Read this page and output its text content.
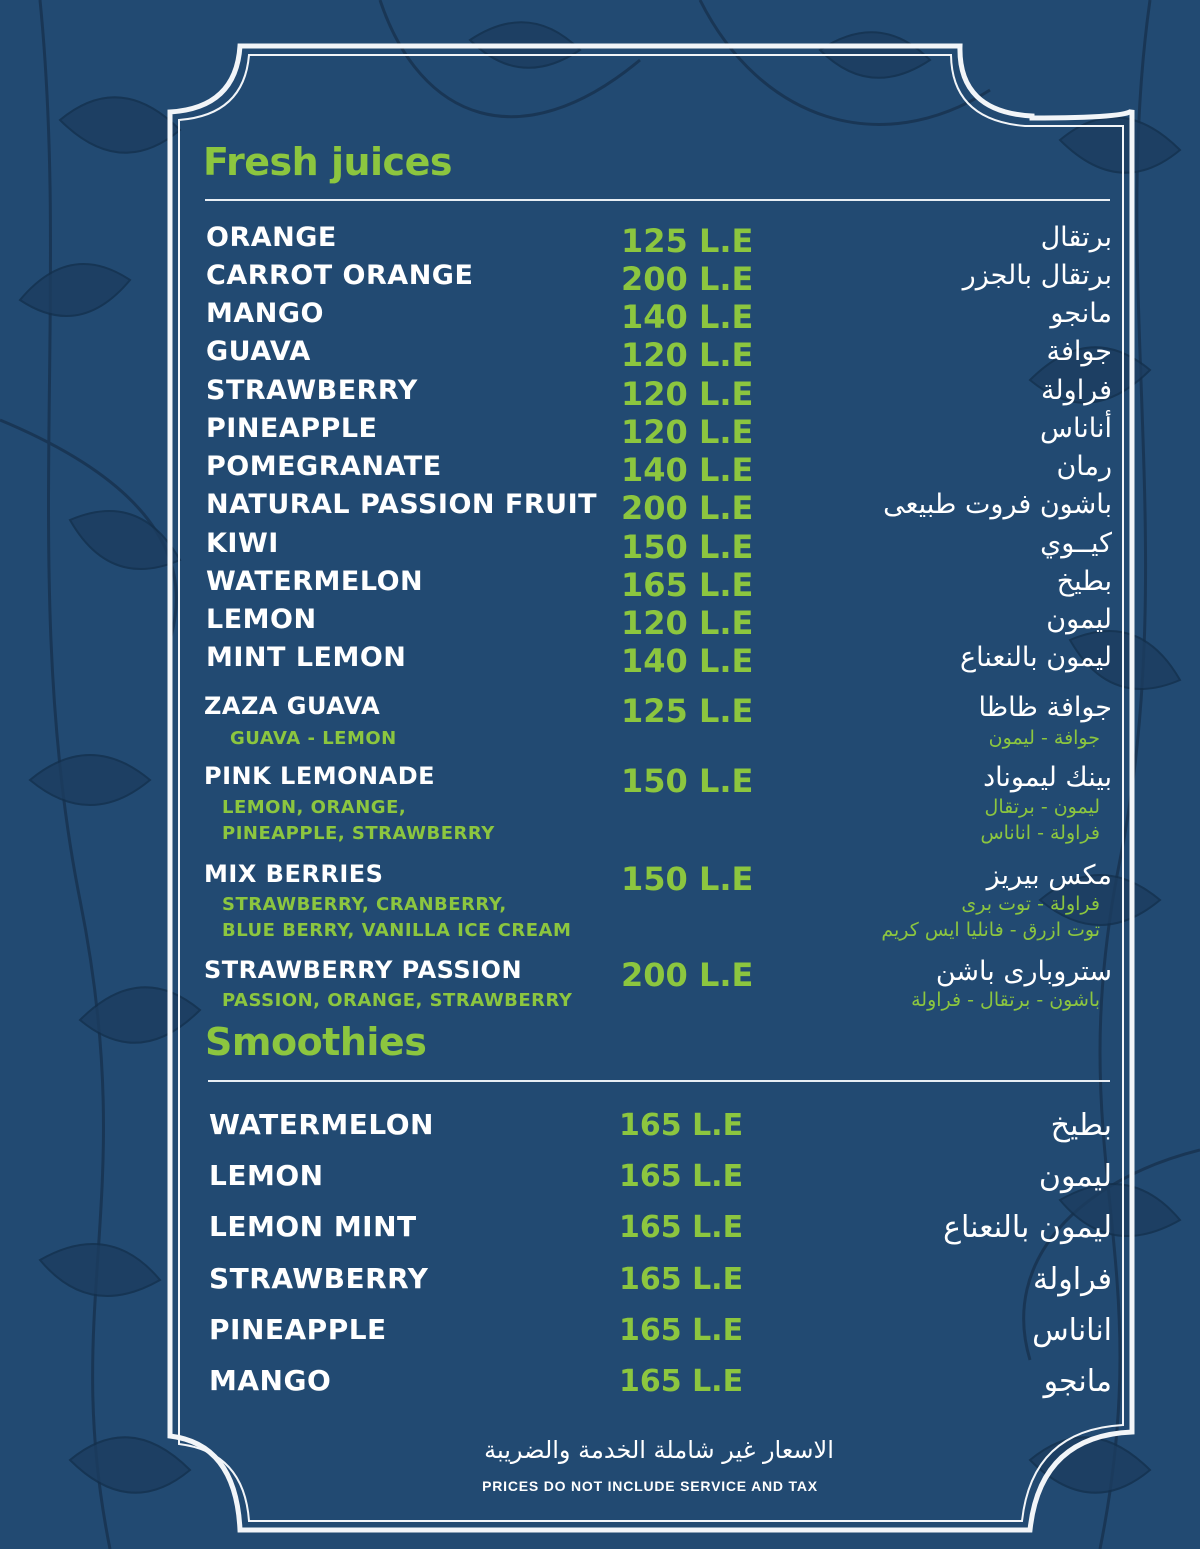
Fresh juices
ORANGE	125 L.E	برتقال
CARROT ORANGE	200 L.E	برتقال بالجزر
MANGO	140 L.E	مانجو
GUAVA	120 L.E	جوافة
STRAWBERRY	120 L.E	فراولة
PINEAPPLE	120 L.E	أناناس
POMEGRANATE	140 L.E	رمان
NATURAL PASSION FRUIT 200 L.E	باشون فروت طبيعى
KIWI	150 L.E	كيــوي
WATERMELON	165 L.E	بطيخ
LEMON	120 L.E	ليمون
MINT LEMON	140 L.E	ليمون بالنعناع
ZAZA GUAVA	125 L.E	جوافة ظاظا
GUAVA - LEMON	جوافة - ليمون
PINK LEMONADE	150 L.E	بينك ليموناد
LEMON, ORANGE,
PINEAPPLE, STRAWBERRY
ليمون - برتقال
فراولة - اناناس
MIX BERRIES	150 L.E	مكس بيريز
STRAWBERRY, CRANBERRY,
BLUE BERRY, VANILLA ICE CREAM
فراولة - توت برى
توت ازرق - فانليا ايس كريم
STRAWBERRY PASSION	200 L.E	ستروبارى باشن
PASSION, ORANGE, STRAWBERRY	باشون - برتقال - فراولة
Smoothies
WATERMELON	165 L.E	بطيخ
LEMON	165 L.E	ليمون
LEMON MINT	165 L.E	ليمون بالنعناع
STRAWBERRY	165 L.E	فراولة
PINEAPPLE	165 L.E	اناناس
MANGO	165 L.E	مانجو
الاسعار غير شاملة الخدمة والضريبة
PRICES DO NOT INCLUDE SERVICE AND TAX
